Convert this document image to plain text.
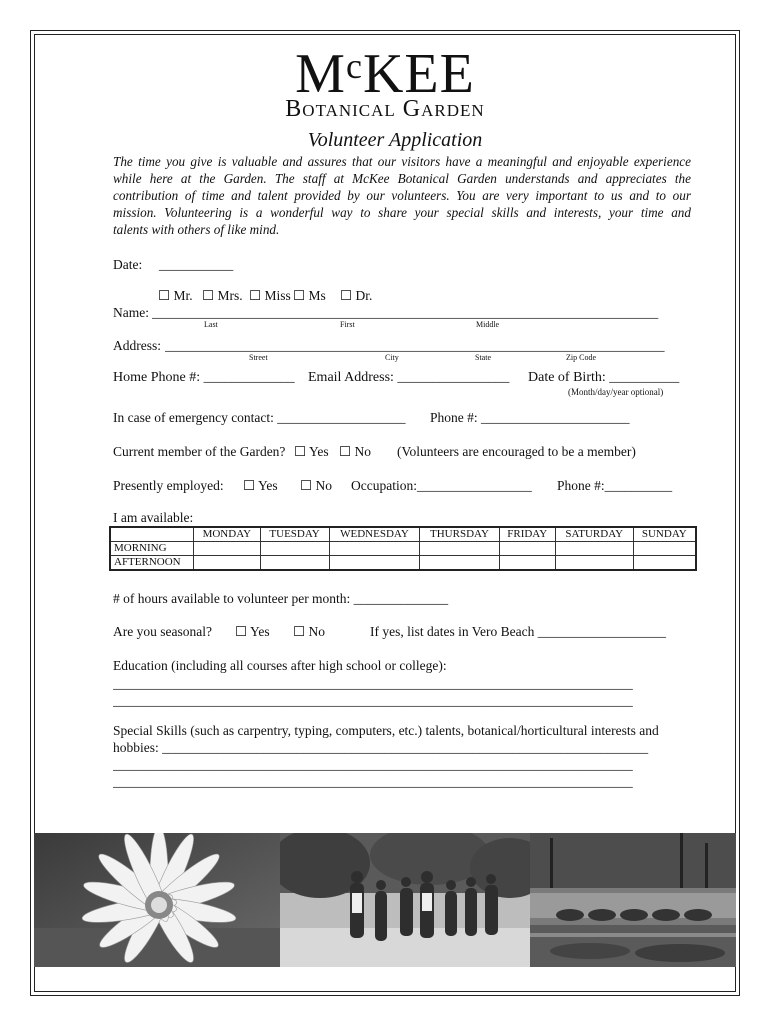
$M^cKEE$
Botanical Garden
Volunteer Application
The time you give is valuable and assures that our visitors have a meaningful and enjoyable experience
while here at the Garden. The staff at McKee Botanical Garden understands and appreciates the
contribution of time and talent provided by our volunteers. You are very important to us and to our
mission. Volunteering is a wonderful way to share your special skills and interests, your time and
talents with others of like mind.
Date: ___________
☐ Mr. ☐ Mrs. ☐ Miss ☐ Ms ☐ Dr.
Name: ___________________________________________________________________________
Last	First	Middle
Address: __________________________________________________________________________
Street	City	State	Zip Code
Home Phone #: _____________ Email Address: ________________ Date of Birth: __________
(Month/day/year optional)
In case of emergency contact: ___________________ Phone #: ______________________
Current member of the Garden? ☐ Yes ☐ No (Volunteers are encouraged to be a member)
Presently employed: ☐ Yes ☐ No Occupation:_________________ Phone #:__________
I am available:
	MONDAY	TUESDAY	WEDNESDAY	THURSDAY	FRIDAY	SATURDAY	SUNDAY
MORNING							
AFTERNOON							
# of hours available to volunteer per month: ______________
Are you seasonal? ☐ Yes ☐ No	If yes, list dates in Vero Beach ___________________
Education (including all courses after high school or college):
_____________________________________________________________________________
_____________________________________________________________________________
Special Skills (such as carpentry, typing, computers, etc.) talents, botanical/horticultural interests and
hobbies: ________________________________________________________________________
_____________________________________________________________________________
_____________________________________________________________________________
